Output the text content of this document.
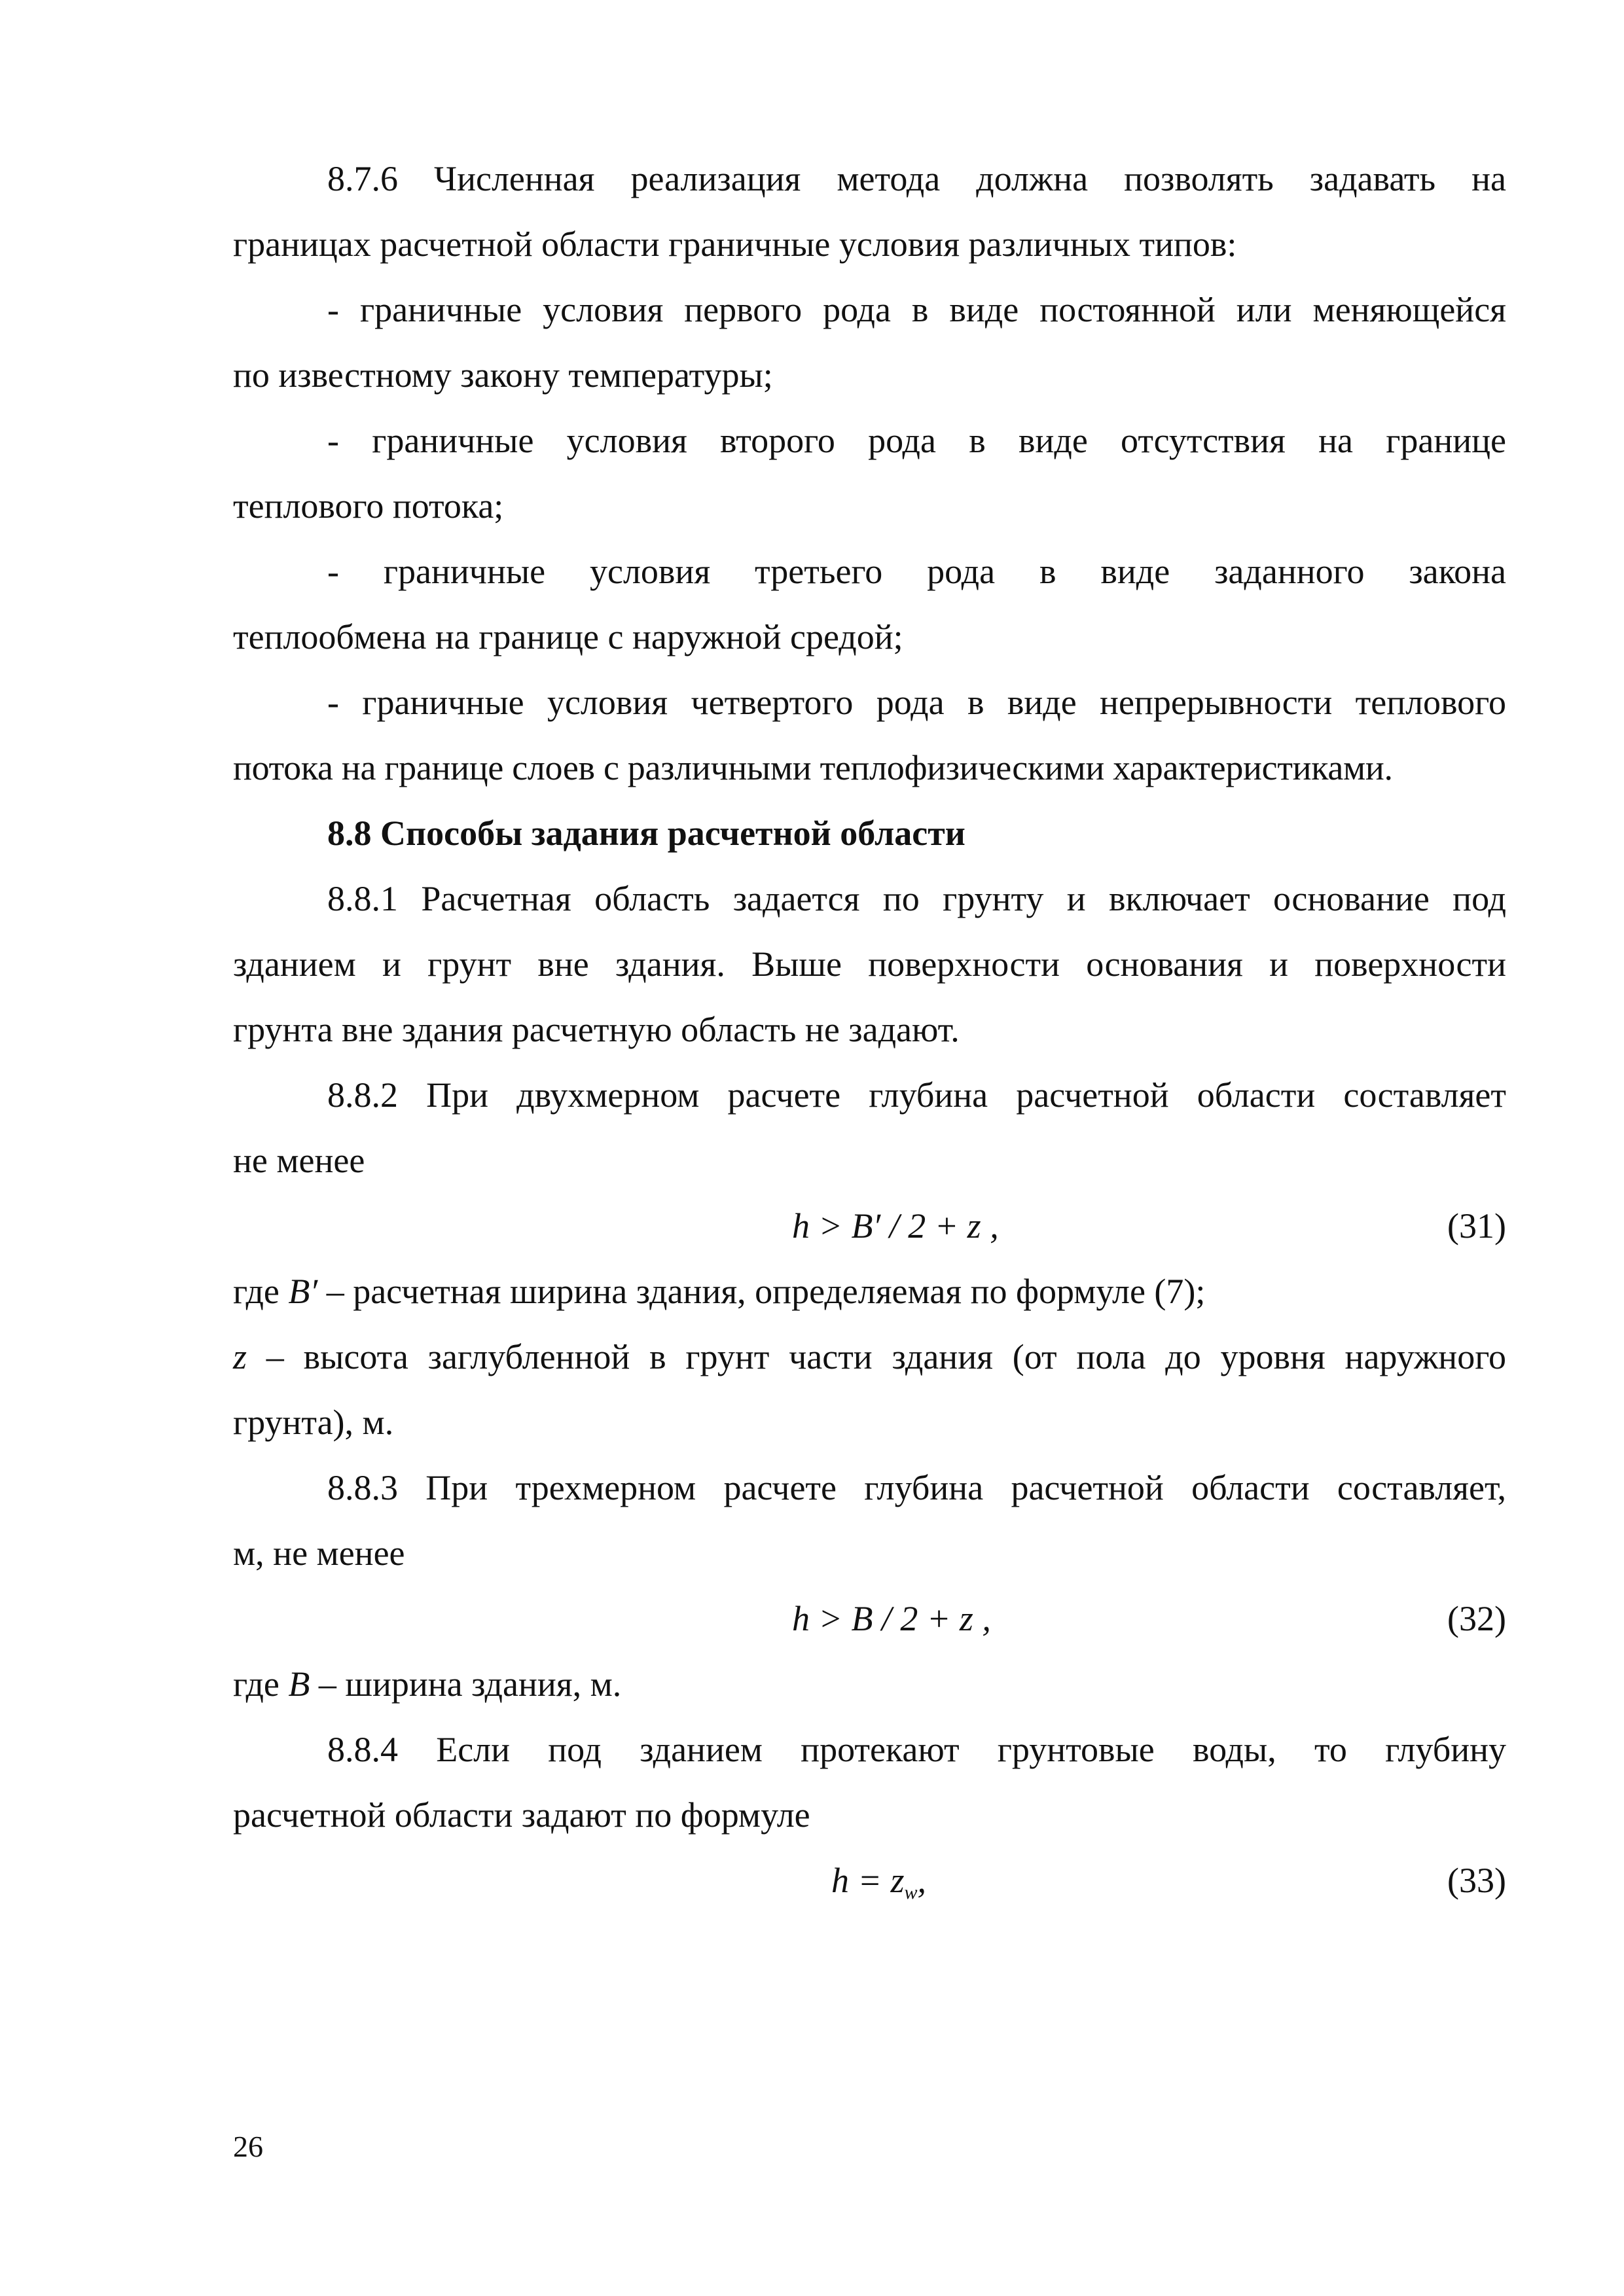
8.7.6 Численная реализация метода должна позволять задавать на
границах расчетной области граничные условия различных типов:
- граничные условия первого рода в виде постоянной или меняющейся
по известному закону температуры;
- граничные условия второго рода в виде отсутствия на границе
теплового потока;
- граничные условия третьего рода в виде заданного закона
теплообмена на границе с наружной средой;
- граничные условия четвертого рода в виде непрерывности теплового
потока на границе слоев с различными теплофизическими характеристиками.
8.8 Способы задания расчетной области
8.8.1 Расчетная область задается по грунту и включает основание под
зданием и грунт вне здания. Выше поверхности основания и поверхности
грунта вне здания расчетную область не задают.
8.8.2 При двухмерном расчете глубина расчетной области составляет
не менее
h > B′ / 2 + z ,	(31)
где B′ – расчетная ширина здания, определяемая по формуле (7);
z – высота заглубленной в грунт части здания (от пола до уровня наружного
грунта), м.
8.8.3 При трехмерном расчете глубина расчетной области составляет,
м, не менее
h > B / 2 + z ,	(32)
где B – ширина здания, м.
8.8.4 Если под зданием протекают грунтовые воды, то глубину
расчетной области задают по формуле
$h = z_w$,	(33)
26
